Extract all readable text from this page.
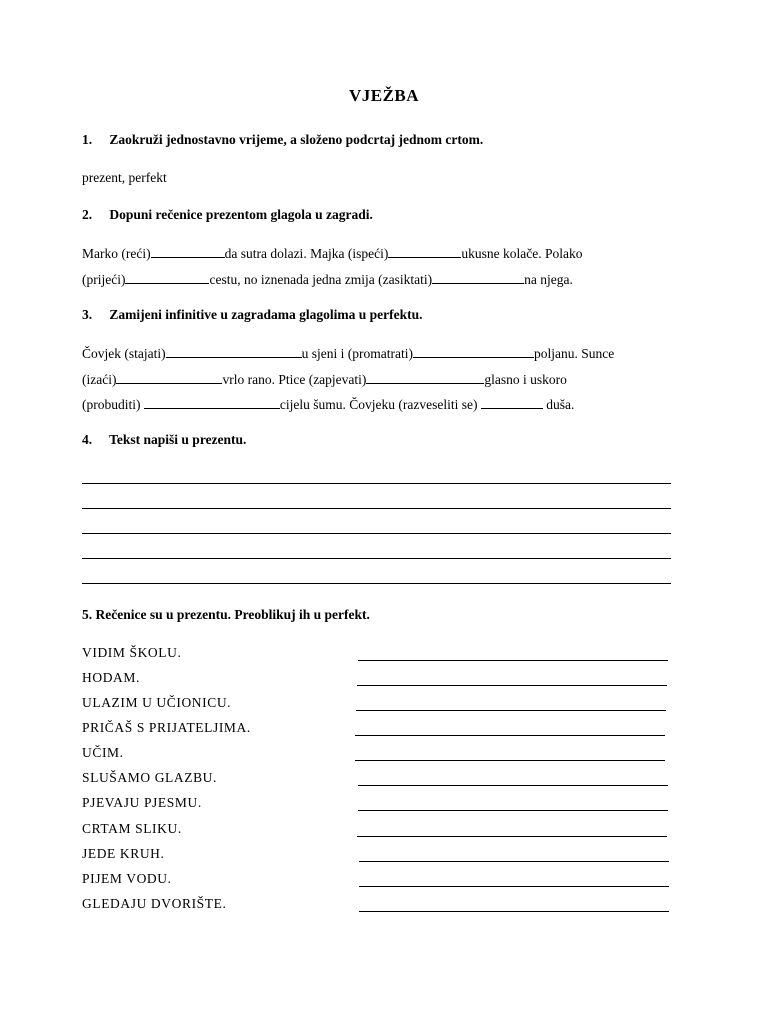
VJEŽBA
1. Zaokruži jednostavno vrijeme, a složeno podcrtaj jednom crtom.
prezent, perfekt
2. Dopuni rečenice prezentom glagola u zagradi.
Marko (reći)	da sutra dolazi. Majka (ispeći)	ukusne kolače. Polako
(prijeći)	cestu, no iznenada jedna zmija (zasiktati)	na njega.
3. Zamijeni infinitive u zagradama glagolima u perfektu.
Čovjek (stajati)	u sjeni i (promatrati)	poljanu. Sunce
(izaći)	vrlo rano. Ptice (zapjevati)	glasno i uskoro
(probuditi)	cijelu šumu. Čovjeku (razveseliti se)	duša.
4. Tekst napiši u prezentu.
5. Rečenice su u prezentu. Preoblikuj ih u perfekt.
VIDIM ŠKOLU.
HODAM.
ULAZIM U UČIONICU.
PRIČAŠ S PRIJATELJIMA.
UČIM.
SLUŠAMO GLAZBU.
PJEVAJU PJESMU.
CRTAM SLIKU.
JEDE KRUH.
PIJEM VODU.
GLEDAJU DVORIŠTE.
